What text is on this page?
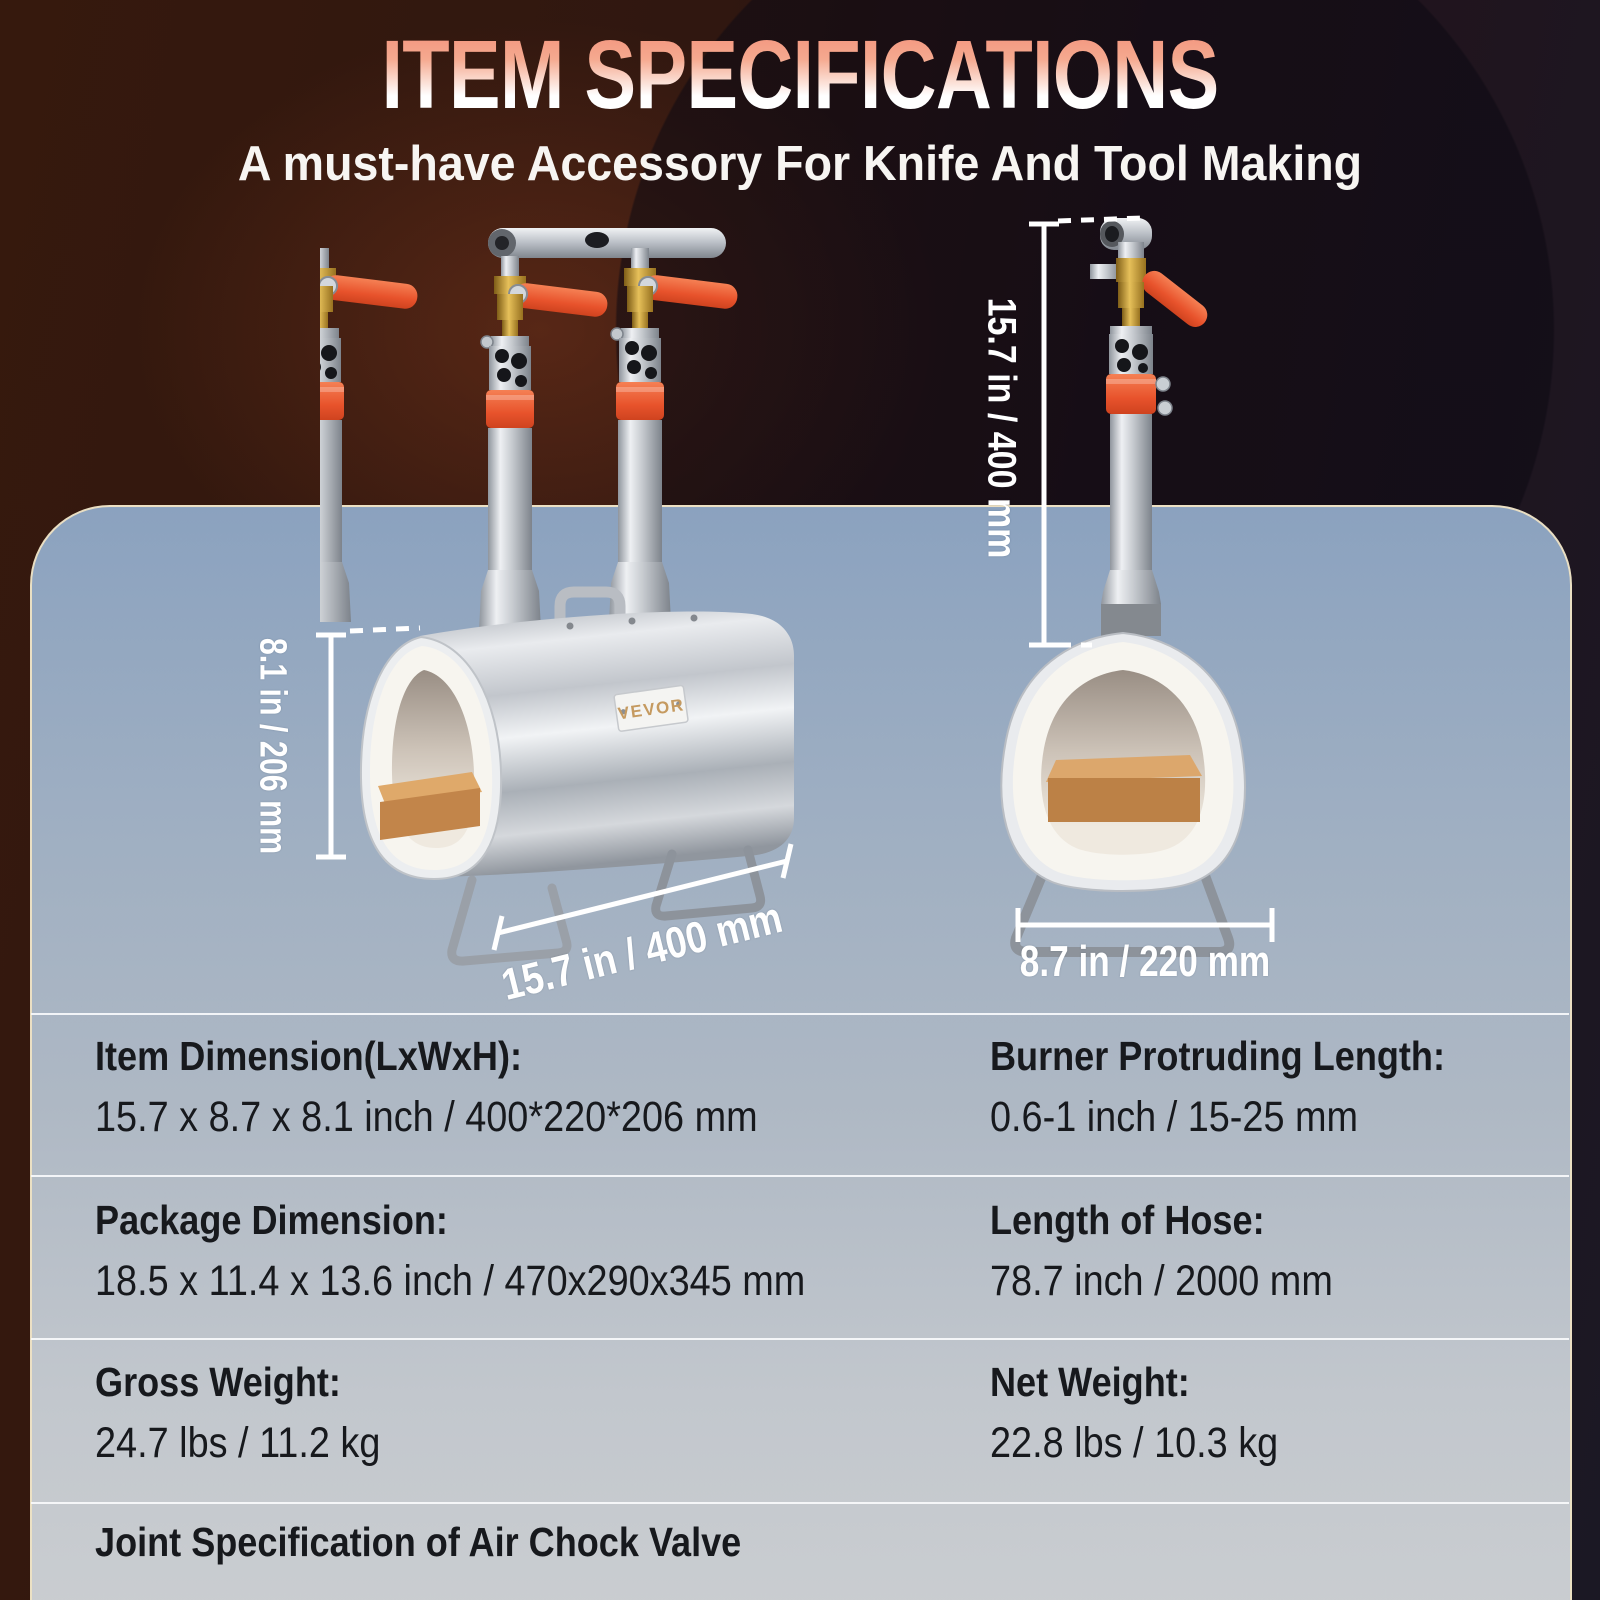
ITEM SPECIFICATIONS
A must-have Accessory For Knife And Tool Making
VEVOR
8.1 in / 206 mm
15.7 in / 400 mm
15.7 in / 400 mm
8.7 in / 220 mm
Item Dimension(LxWxH):
15.7 x 8.7 x 8.1 inch / 400*220*206 mm
Burner Protruding Length:
0.6-1 inch / 15-25 mm
Package Dimension:
18.5 x 11.4 x 13.6 inch / 470x290x345 mm
Length of Hose:
78.7 inch / 2000 mm
Gross Weight:
24.7 lbs / 11.2 kg
Net Weight:
22.8 lbs / 10.3 kg
Joint Specification of Air Chock Valve
